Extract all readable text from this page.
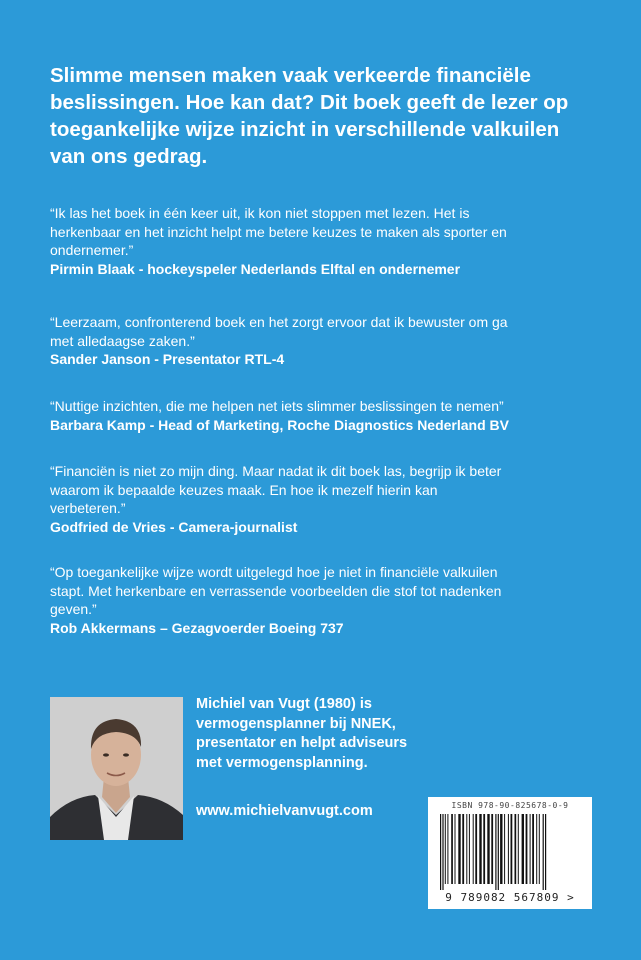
Slimme mensen maken vaak verkeerde financiële beslissingen. Hoe kan dat? Dit boek geeft de lezer op toegankelijke wijze inzicht in verschillende valkuilen van ons gedrag.
“Ik las het boek in één keer uit, ik kon niet stoppen met lezen. Het is
herkenbaar en het inzicht helpt me betere keuzes te maken als sporter en
ondernemer.”
Pirmin Blaak - hockeyspeler Nederlands Elftal en ondernemer
“Leerzaam, confronterend boek en het zorgt ervoor dat ik bewuster om ga
met alledaagse zaken.”
Sander Janson - Presentator RTL-4
“Nuttige inzichten, die me helpen net iets slimmer beslissingen te nemen”
Barbara Kamp - Head of Marketing, Roche Diagnostics Nederland BV
“Financiën is niet zo mijn ding. Maar nadat ik dit boek las, begrijp ik beter
waarom ik bepaalde keuzes maak. En hoe ik mezelf hierin kan
verbeteren.”
Godfried de Vries - Camera-journalist
“Op toegankelijke wijze wordt uitgelegd hoe je niet in financiële valkuilen
stapt. Met herkenbare en verrassende voorbeelden die stof tot nadenken
geven.”
Rob Akkermans – Gezagvoerder Boeing 737
Michiel van Vugt (1980) is
vermogensplanner bij NNEK,
presentator en helpt adviseurs
met vermogensplanning.
www.michielvanvugt.com	ISBN 978-90-825678-0-9
9 789082 567809 >
